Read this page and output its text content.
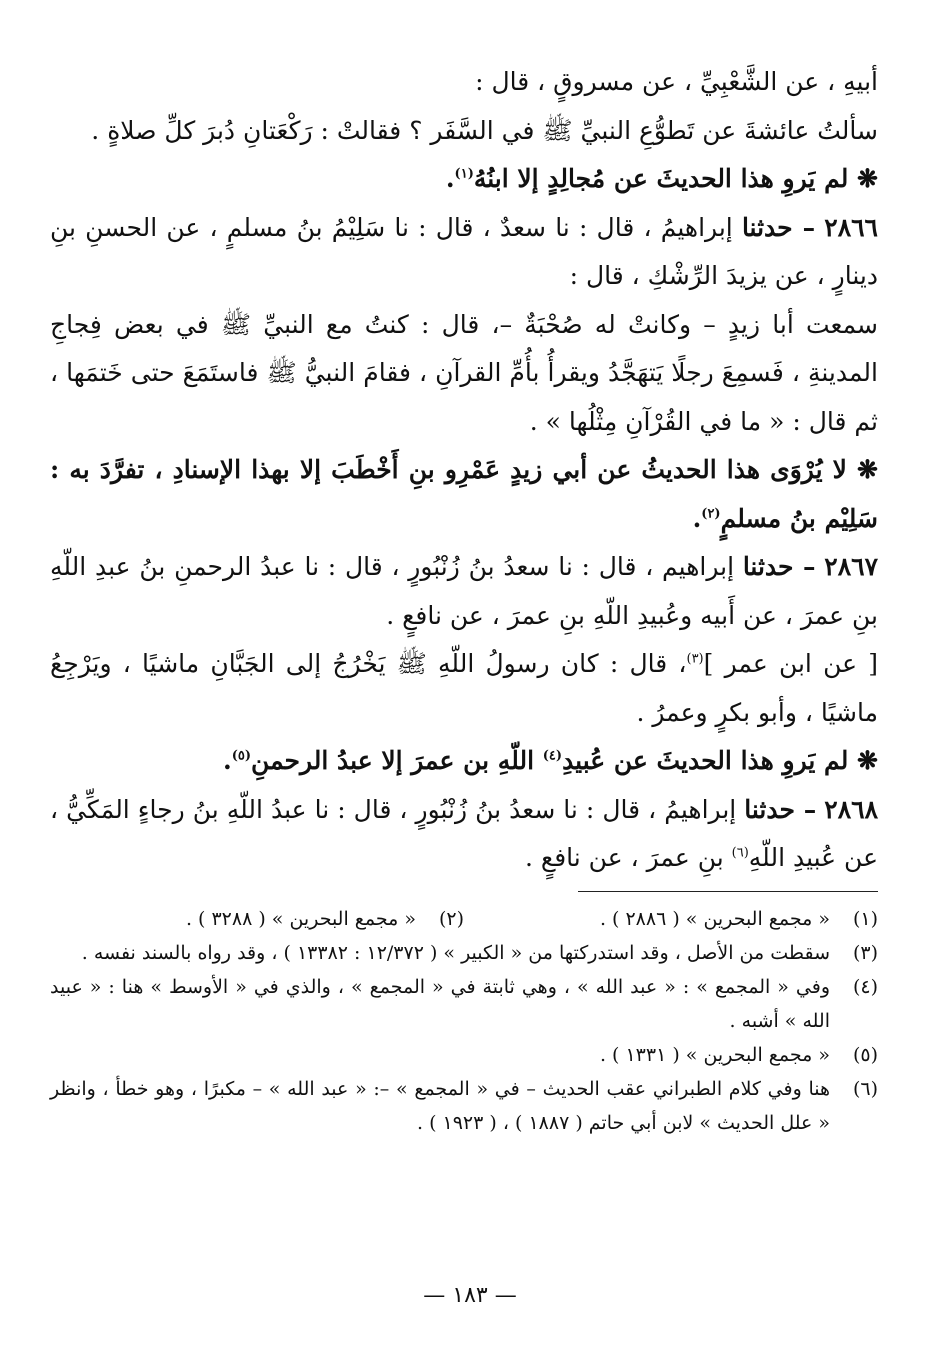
أبيهِ ، عن الشَّعْبِيِّ ، عن مسروقٍ ، قال :

سألتُ عائشةَ عن تَطوُّعِ النبيِّ ﷺ في السَّفَر ؟ فقالتْ : رَكْعَتانِ دُبرَ كلِّ صلاةٍ .

❋ لم يَروِ هذا الحديثَ عن مُجالِدٍ إلا ابنُهُ$^{(١)}$.

٢٨٦٦ – حدثنا إبراهيمُ ، قال : نا سعدٌ ، قال : نا سَلِيْمُ بنُ مسلمٍ ، عن الحسنِ بنِ دينارٍ ، عن يزيدَ الرِّشْكِ ، قال :

سمعت أبا زيدٍ – وكانتْ له صُحْبَةٌ –، قال : كنتُ مع النبيِّ ﷺ في بعض فِجاجِ المدينةِ ، فَسمِعَ رجلًا يَتهَجَّدُ ويقرأُ بأُمِّ القرآنِ ، فقامَ النبيُّ ﷺ فاستَمَعَ حتى خَتمَها ، ثم قال : « ما في القُرْآنِ مِثْلُها » .

❋ لا يُرْوَى هذا الحديثُ عن أبي زيدٍ عَمْرِو بنِ أَخْطَبَ إلا بهذا الإسنادِ ، تفرَّدَ به : سَلِيْم بنُ مسلمٍ$^{(٢)}$.

٢٨٦٧ – حدثنا إبراهيم ، قال : نا سعدُ بنُ زُنْبُورٍ ، قال : نا عبدُ الرحمنِ بنُ عبدِ اللّهِ بنِ عمرَ ، عن أَبيه وعُبيدِ اللّهِ بنِ عمرَ ، عن نافعٍ .

[ عن ابن عمر ]$^{(٣)}$، قال : كان رسولُ اللّهِ ﷺ يَخْرُجُ إلى الجَبَّانِ ماشيًا ، ويَرْجِعُ ماشيًا ، وأبو بكرٍ وعمرُ .

❋ لم يَروِ هذا الحديثَ عن عُبيدِ$^{(٤)}$ اللّهِ بن عمرَ إلا عبدُ الرحمنِ$^{(٥)}$.

٢٨٦٨ – حدثنا إبراهيمُ ، قال : نا سعدُ بنُ زُنْبُورٍ ، قال : نا عبدُ اللّهِ بنُ رجاءٍ المَكِّيُّ ، عن عُبيدِ اللّهِ$^{(٦)}$ بنِ عمرَ ، عن نافعٍ .

(١)
« مجمع البحرين » ( ٢٨٨٦ ) .
(٢)
« مجمع البحرين » ( ٣٢٨٨ ) .
(٣)
سقطت من الأصل ، وقد استدركتها من « الكبير » ( ١٢/٣٧٢ : ١٣٣٨٢ ) ، وقد رواه بالسند نفسه .
(٤)
وفي « المجمع » : « عبد الله » ، وهي ثابتة في « المجمع » ، والذي في « الأوسط » هنا : « عبيد الله » أشبه .
(٥)
« مجمع البحرين » ( ١٣٣١ ) .
(٦)
هنا وفي كلام الطبراني عقب الحديث – في « المجمع » –: « عبد الله » – مكبرًا ، وهو خطأ ، وانظر « علل الحديث » لابن أبي حاتم ( ١٨٨٧ ) ، ( ١٩٢٣ ) .
— ١٨٣ —
